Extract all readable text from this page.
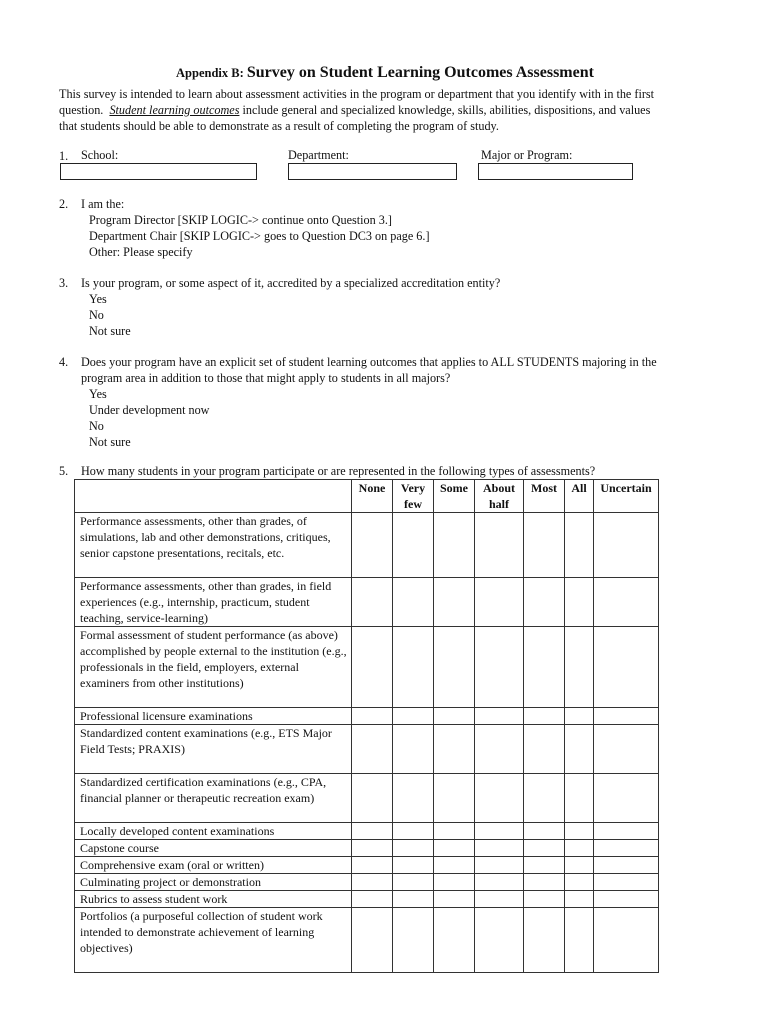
Appendix B: Survey on Student Learning Outcomes Assessment
This survey is intended to learn about assessment activities in the program or department that you identify with in the first
question. Student learning outcomes include general and specialized knowledge, skills, abilities, dispositions, and values
that students should be able to demonstrate as a result of completing the program of study.
1. School:	Department:	Major or Program:
2. I am the:
Program Director [SKIP LOGIC-> continue onto Question 3.]
Department Chair [SKIP LOGIC-> goes to Question DC3 on page 6.]
Other: Please specify
3. Is your program, or some aspect of it, accredited by a specialized accreditation entity?
Yes
No
Not sure
4. Does your program have an explicit set of student learning outcomes that applies to ALL STUDENTS majoring in the
program area in addition to those that might apply to students in all majors?
Yes
Under development now
No
Not sure
5. How many students in your program participate or are represented in the following types of assessments?
	None	Very few	Some	About half	Most	All	Uncertain
Performance assessments, other than grades, of simulations, lab and other demonstrations, critiques, senior capstone presentations, recitals, etc.							
Performance assessments, other than grades, in field experiences (e.g., internship, practicum, student teaching, service-learning)							
Formal assessment of student performance (as above) accomplished by people external to the institution (e.g., professionals in the field, employers, external examiners from other institutions)							
Professional licensure examinations							
Standardized content examinations (e.g., ETS Major Field Tests; PRAXIS)							
Standardized certification examinations (e.g., CPA, financial planner or therapeutic recreation exam)							
Locally developed content examinations							
Capstone course							
Comprehensive exam (oral or written)							
Culminating project or demonstration							
Rubrics to assess student work							
Portfolios (a purposeful collection of student work intended to demonstrate achievement of learning objectives)							
